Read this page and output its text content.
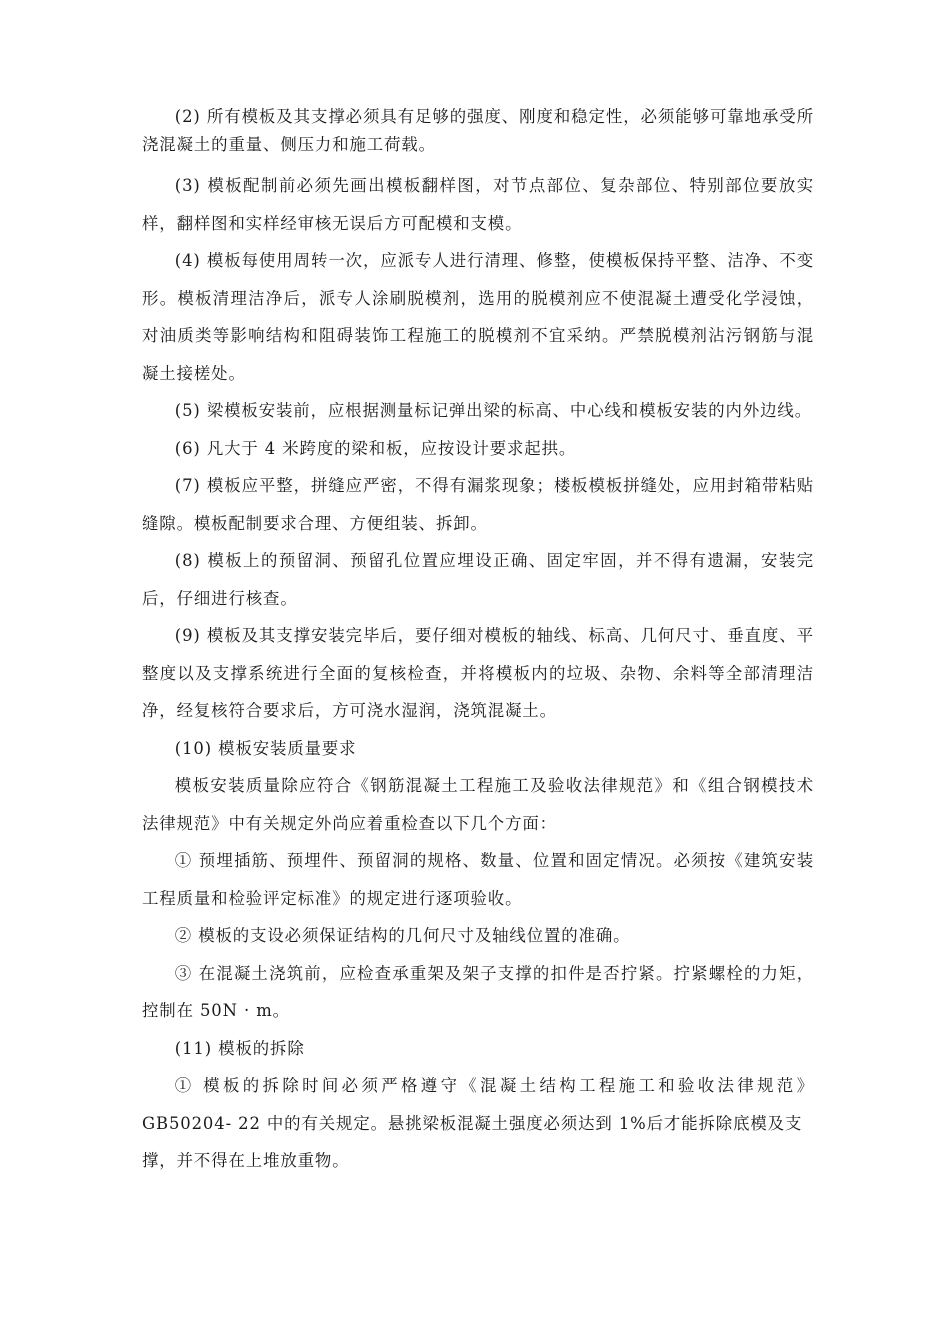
(2) 所有模板及其支撑必须具有足够的强度、刚度和稳定性，必须能够可靠地承受所浇混凝土的重量、侧压力和施工荷载。

(3) 模板配制前必须先画出模板翻样图，对节点部位、复杂部位、特别部位要放实样，翻样图和实样经审核无误后方可配模和支模。

(4) 模板每使用周转一次，应派专人进行清理、修整，使模板保持平整、洁净、不变形。模板清理洁净后，派专人涂刷脱模剂，选用的脱模剂应不使混凝土遭受化学浸蚀，对油质类等影响结构和阻碍装饰工程施工的脱模剂不宜采纳。严禁脱模剂沾污钢筋与混凝土接槎处。

(5) 梁模板安装前，应根据测量标记弹出梁的标高、中心线和模板安装的内外边线。

(6) 凡大于 4 米跨度的梁和板，应按设计要求起拱。

(7) 模板应平整，拼缝应严密，不得有漏浆现象；楼板模板拼缝处，应用封箱带粘贴缝隙。模板配制要求合理、方便组装、拆卸。

(8) 模板上的预留洞、预留孔位置应埋设正确、固定牢固，并不得有遗漏，安装完后，仔细进行核查。

(9) 模板及其支撑安装完毕后，要仔细对模板的轴线、标高、几何尺寸、垂直度、平整度以及支撑系统进行全面的复核检查，并将模板内的垃圾、杂物、余料等全部清理洁净，经复核符合要求后，方可浇水湿润，浇筑混凝土。

(10) 模板安装质量要求

模板安装质量除应符合《钢筋混凝土工程施工及验收法律规范》和《组合钢模技术法律规范》中有关规定外尚应着重检查以下几个方面：

① 预埋插筋、预埋件、预留洞的规格、数量、位置和固定情况。必须按《建筑安装工程质量和检验评定标准》的规定进行逐项验收。

② 模板的支设必须保证结构的几何尺寸及轴线位置的准确。

③ 在混凝土浇筑前，应检查承重架及架子支撑的扣件是否拧紧。拧紧螺栓的力矩，控制在 50N · m。

(11) 模板的拆除

① 模板的拆除时间必须严格遵守《混凝土结构工程施工和验收法律规范》GB50204- 22 中的有关规定。悬挑梁板混凝土强度必须达到 1%后才能拆除底模及支

撑，并不得在上堆放重物。
